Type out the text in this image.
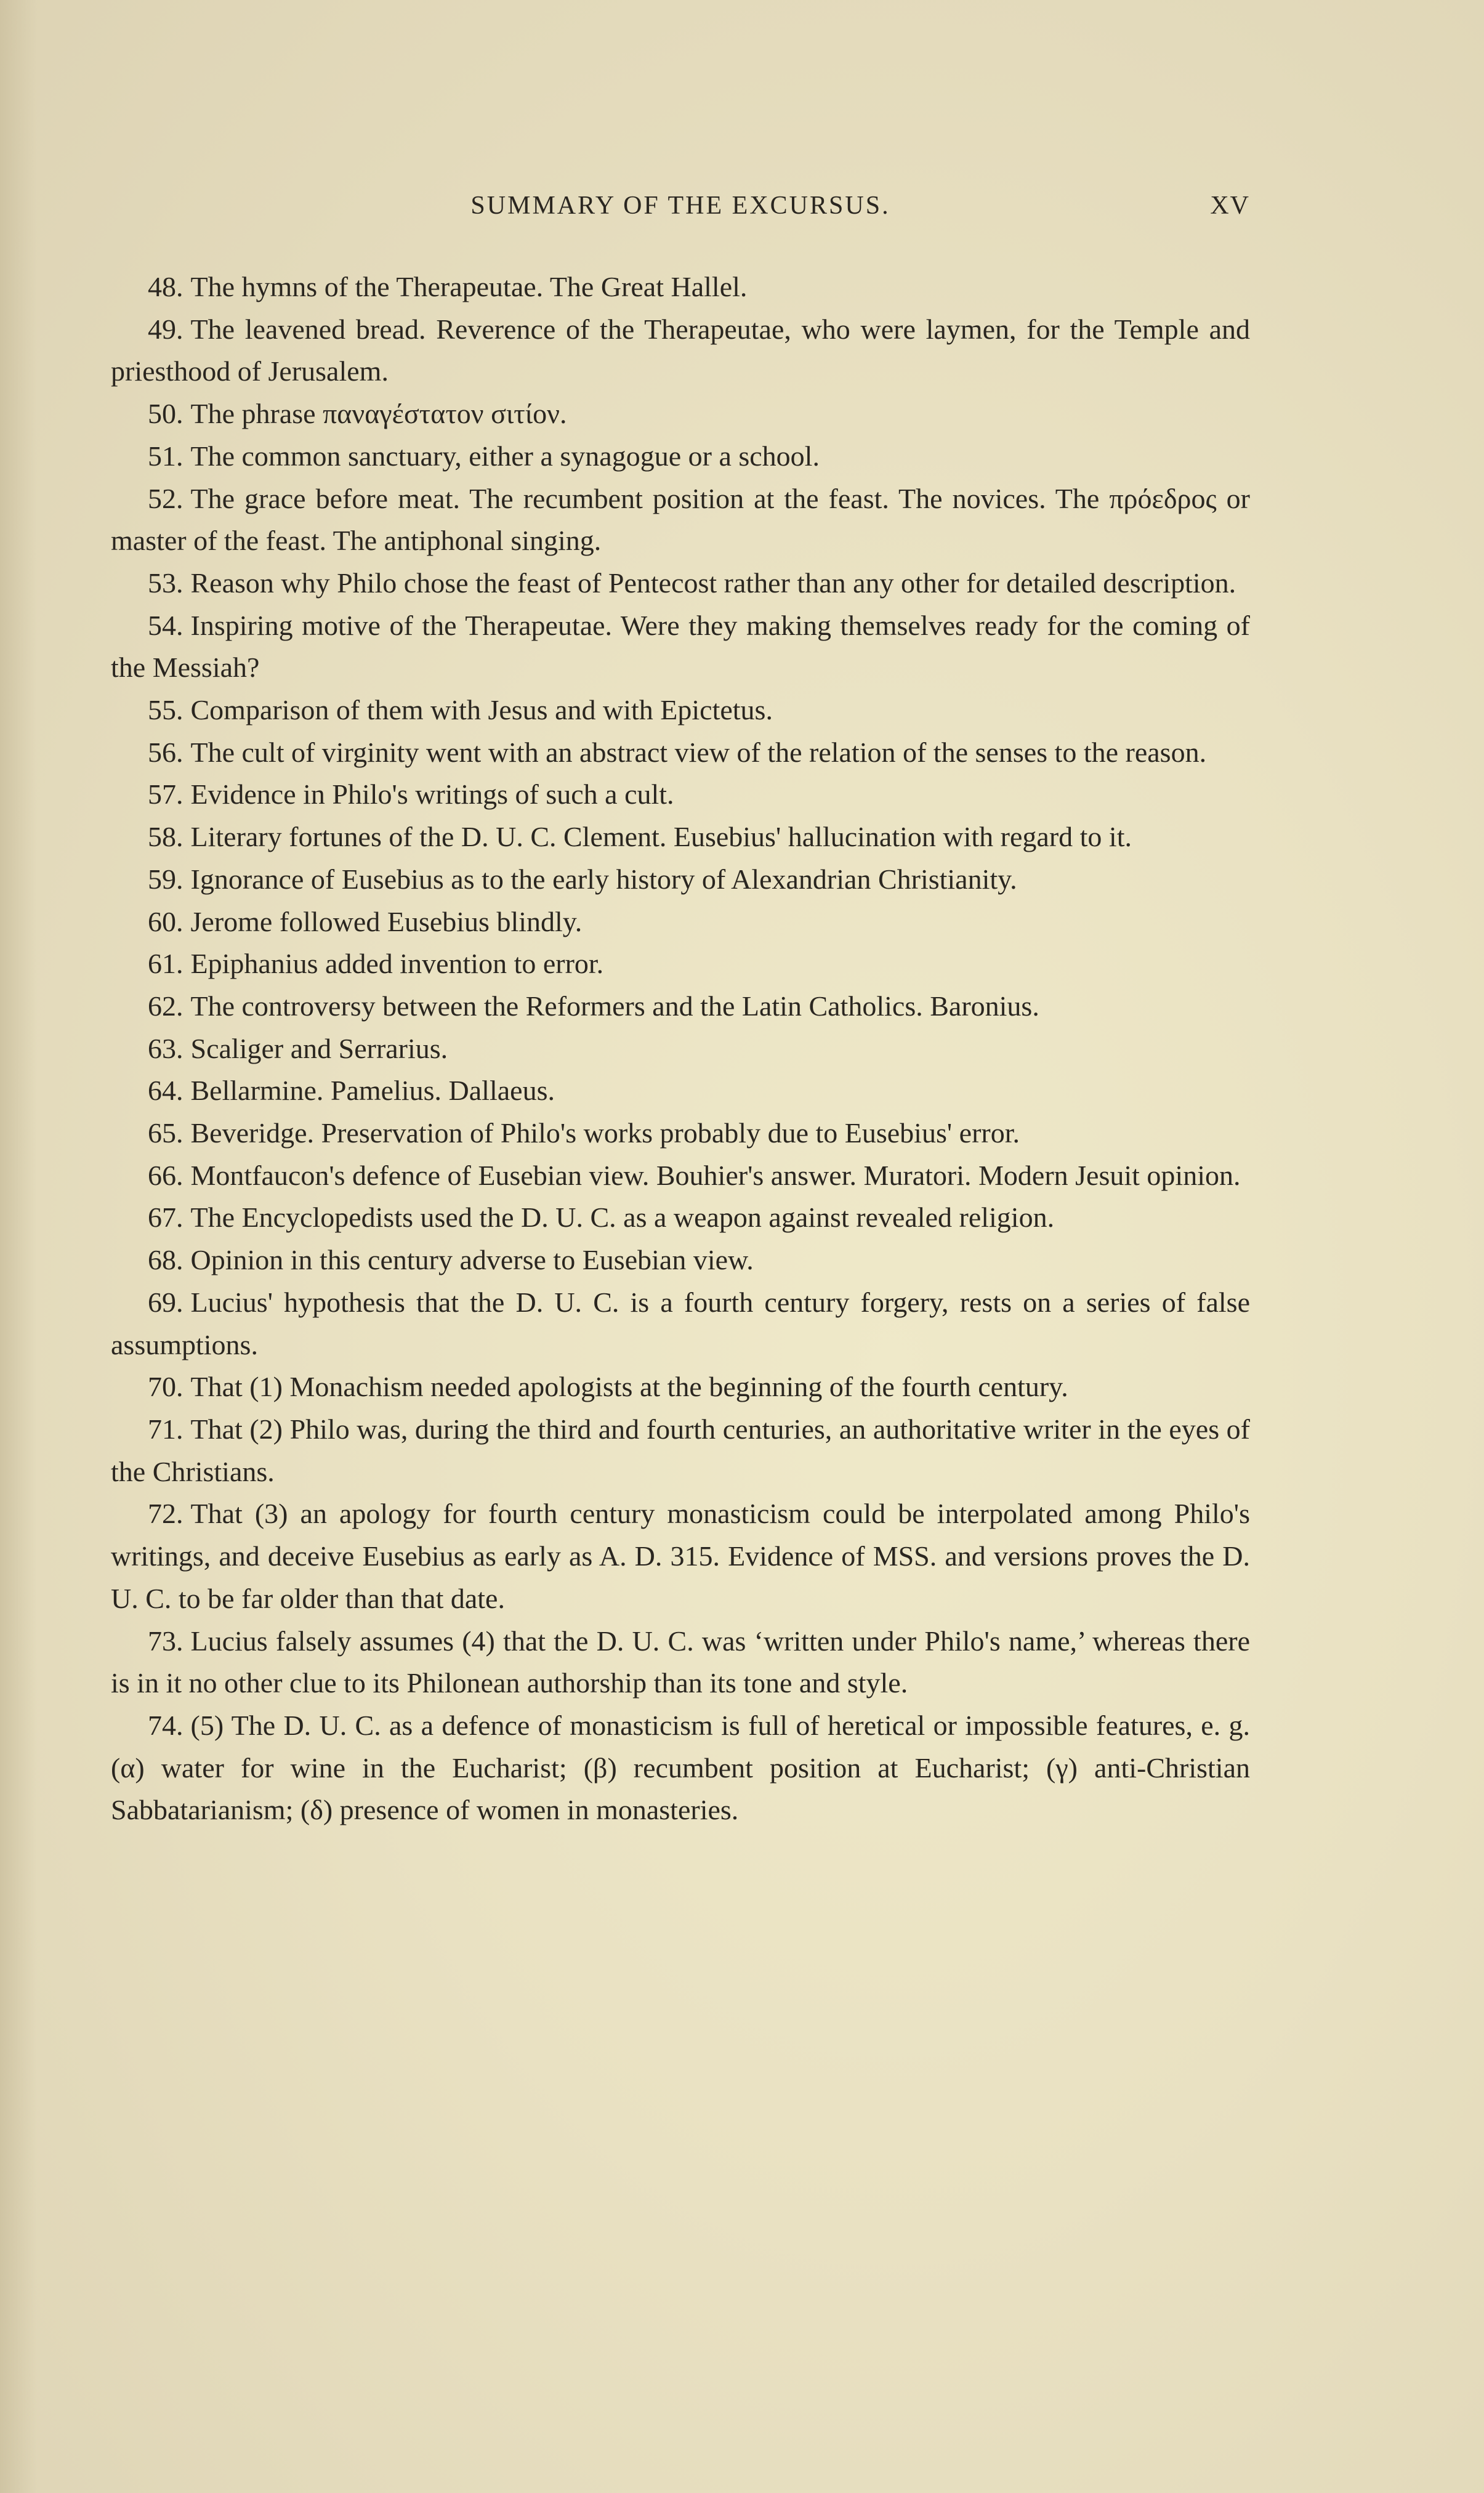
SUMMARY OF THE EXCURSUS.	XV

48. The hymns of the Therapeutae. The Great Hallel.

49. The leavened bread. Reverence of the Therapeutae, who were laymen, for the Temple and priesthood of Jerusalem.

50. The phrase παναγέστατον σιτίον.

51. The common sanctuary, either a synagogue or a school.

52. The grace before meat. The recumbent position at the feast. The novices. The πρόεδρος or master of the feast. The antiphonal singing.

53. Reason why Philo chose the feast of Pentecost rather than any other for detailed description.

54. Inspiring motive of the Therapeutae. Were they making themselves ready for the coming of the Messiah?

55. Comparison of them with Jesus and with Epictetus.

56. The cult of virginity went with an abstract view of the relation of the senses to the reason.

57. Evidence in Philo's writings of such a cult.

58. Literary fortunes of the D. U. C. Clement. Eusebius' hallucination with regard to it.

59. Ignorance of Eusebius as to the early history of Alexandrian Christianity.

60. Jerome followed Eusebius blindly.

61. Epiphanius added invention to error.

62. The controversy between the Reformers and the Latin Catholics. Baronius.

63. Scaliger and Serrarius.

64. Bellarmine. Pamelius. Dallaeus.

65. Beveridge. Preservation of Philo's works probably due to Eusebius' error.

66. Montfaucon's defence of Eusebian view. Bouhier's answer. Muratori. Modern Jesuit opinion.

67. The Encyclopedists used the D. U. C. as a weapon against revealed religion.

68. Opinion in this century adverse to Eusebian view.

69. Lucius' hypothesis that the D. U. C. is a fourth century forgery, rests on a series of false assumptions.

70. That (1) Monachism needed apologists at the beginning of the fourth century.

71. That (2) Philo was, during the third and fourth centuries, an authoritative writer in the eyes of the Christians.

72. That (3) an apology for fourth century monasticism could be interpolated among Philo's writings, and deceive Eusebius as early as A. D. 315. Evidence of MSS. and versions proves the D. U. C. to be far older than that date.

73. Lucius falsely assumes (4) that the D. U. C. was ‘written under Philo's name,’ whereas there is in it no other clue to its Philonean authorship than its tone and style.

74. (5) The D. U. C. as a defence of monasticism is full of heretical or impossible features, e. g. (α) water for wine in the Eucharist; (β) recumbent position at Eucharist; (γ) anti-Christian Sabbatarianism; (δ) presence of women in monasteries.
